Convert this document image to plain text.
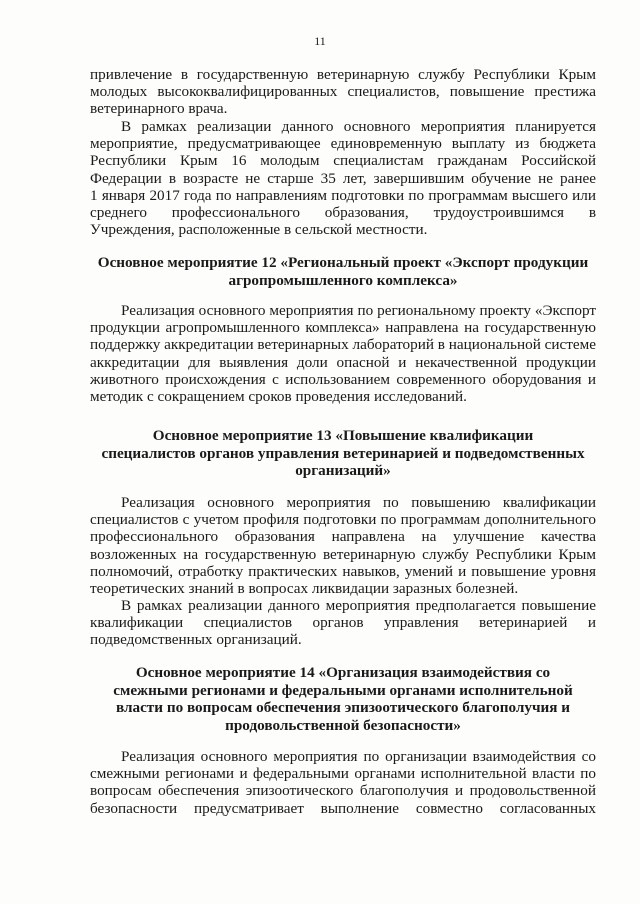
11
привлечение в государственную ветеринарную службу Республики Крым
молодых высококвалифицированных специалистов, повышение престижа
ветеринарного врача.
В рамках реализации данного основного мероприятия планируется
мероприятие, предусматривающее единовременную выплату из бюджета
Республики Крым 16 молодым специалистам гражданам Российской
Федерации в возрасте не старше 35 лет, завершившим обучение не ранее
1 января 2017 года по направлениям подготовки по программам высшего или
среднего профессионального образования, трудоустроившимся в
Учреждения, расположенные в сельской местности.
Основное мероприятие 12 «Региональный проект «Экспорт продукции
агропромышленного комплекса»
Реализация основного мероприятия по региональному проекту «Экспорт
продукции агропромышленного комплекса» направлена на государственную
поддержку аккредитации ветеринарных лабораторий в национальной системе
аккредитации для выявления доли опасной и некачественной продукции
животного происхождения с использованием современного оборудования и
методик с сокращением сроков проведения исследований.
Основное мероприятие 13 «Повышение квалификации
специалистов органов управления ветеринарией и подведомственных
организаций»
Реализация основного мероприятия по повышению квалификации
специалистов с учетом профиля подготовки по программам дополнительного
профессионального образования направлена на улучшение качества
возложенных на государственную ветеринарную службу Республики Крым
полномочий, отработку практических навыков, умений и повышение уровня
теоретических знаний в вопросах ликвидации заразных болезней.
В рамках реализации данного мероприятия предполагается повышение
квалификации специалистов органов управления ветеринарией и
подведомственных организаций.
Основное мероприятие 14 «Организация взаимодействия со
смежными регионами и федеральными органами исполнительной
власти по вопросам обеспечения эпизоотического благополучия и
продовольственной безопасности»
Реализация основного мероприятия по организации взаимодействия со
смежными регионами и федеральными органами исполнительной власти по
вопросам обеспечения эпизоотического благополучия и продовольственной
безопасности предусматривает выполнение совместно согласованных
